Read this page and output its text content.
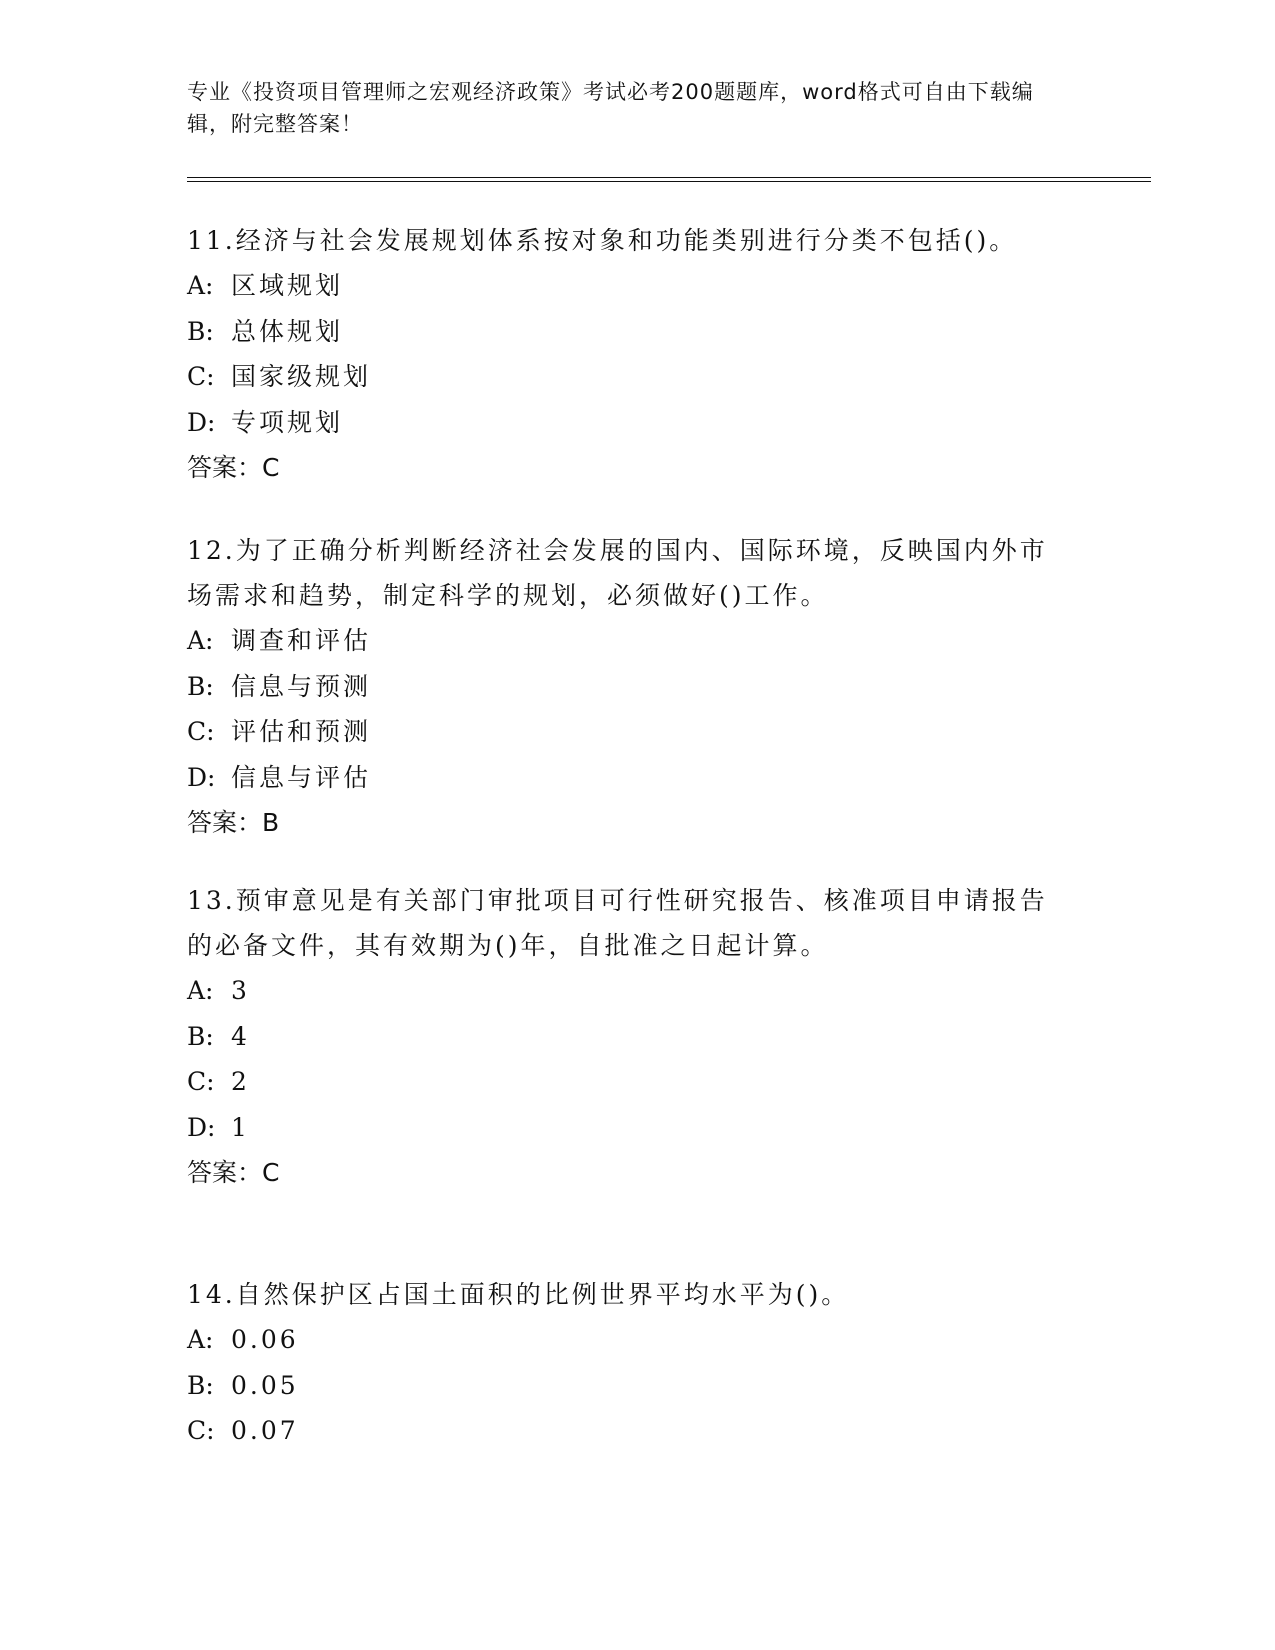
专业《投资项目管理师之宏观经济政策》考试必考200题题库，word格式可自由下载编辑，附完整答案！

11.经济与社会发展规划体系按对象和功能类别进行分类不包括()。

A: 区域规划

B: 总体规划

C: 国家级规划

D: 专项规划

答案：C

12.为了正确分析判断经济社会发展的国内、国际环境，反映国内外市场需求和趋势，制定科学的规划，必须做好()工作。

A: 调查和评估

B: 信息与预测

C: 评估和预测

D: 信息与评估

答案：B

13.预审意见是有关部门审批项目可行性研究报告、核准项目申请报告的必备文件，其有效期为()年，自批准之日起计算。

A: 3

B: 4

C: 2

D: 1

答案：C

14.自然保护区占国土面积的比例世界平均水平为()。

A: 0.06

B: 0.05

C: 0.07
